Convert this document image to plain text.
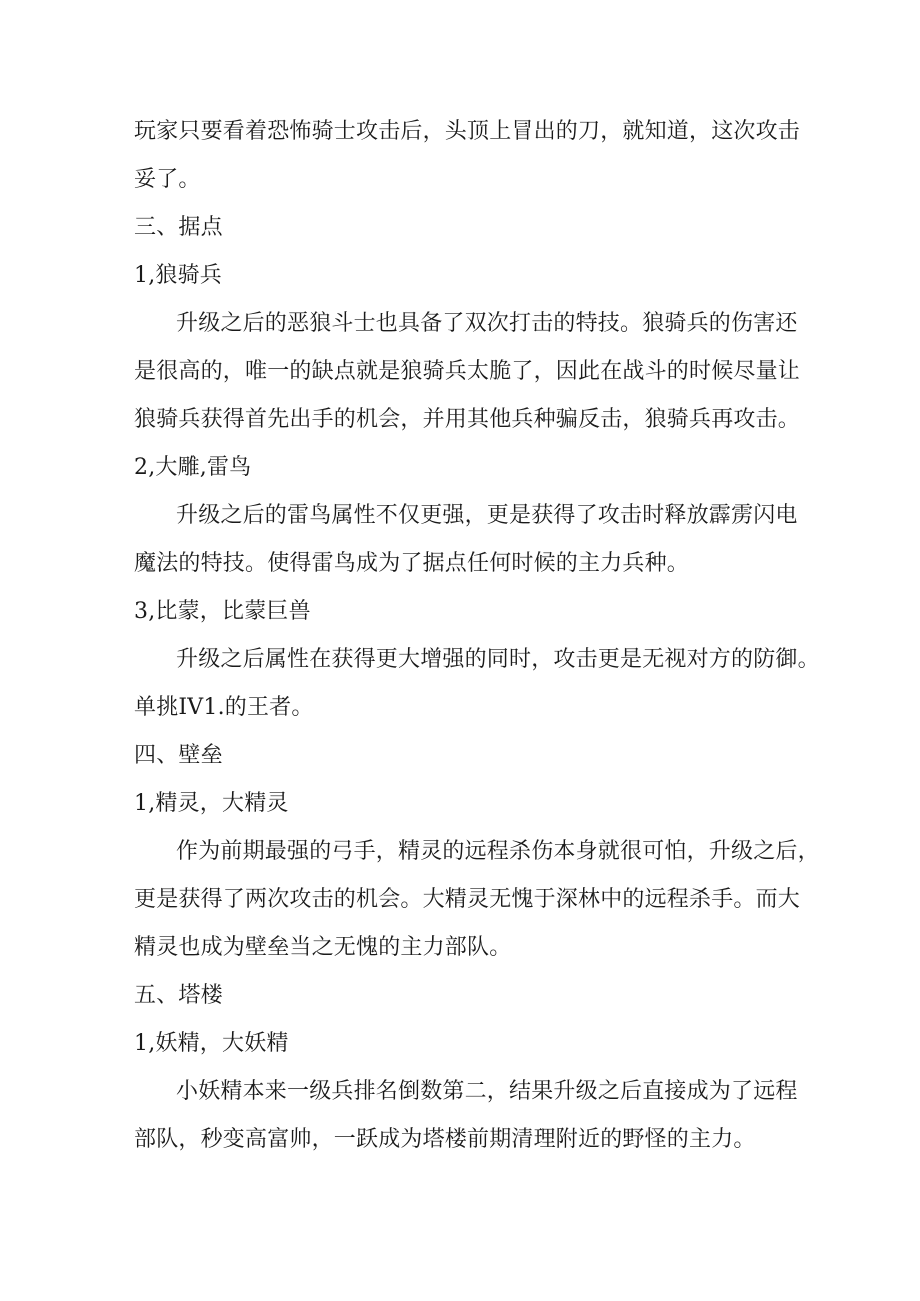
玩家只要看着恐怖骑士攻击后，头顶上冒出的刀，就知道，这次攻击
妥了。
三、据点
1,狼骑兵
升级之后的恶狼斗士也具备了双次打击的特技。狼骑兵的伤害还
是很高的，唯一的缺点就是狼骑兵太脆了，因此在战斗的时候尽量让
狼骑兵获得首先出手的机会，并用其他兵种骗反击，狼骑兵再攻击。
2,大雕,雷鸟
升级之后的雷鸟属性不仅更强，更是获得了攻击时释放霹雳闪电
魔法的特技。使得雷鸟成为了据点任何时候的主力兵种。
3,比蒙，比蒙巨兽
升级之后属性在获得更大增强的同时，攻击更是无视对方的防御。
单挑IV1.的王者。
四、壁垒
1,精灵，大精灵
作为前期最强的弓手，精灵的远程杀伤本身就很可怕，升级之后，
更是获得了两次攻击的机会。大精灵无愧于深林中的远程杀手。而大
精灵也成为壁垒当之无愧的主力部队。
五、塔楼
1,妖精，大妖精
小妖精本来一级兵排名倒数第二，结果升级之后直接成为了远程
部队，秒变高富帅，一跃成为塔楼前期清理附近的野怪的主力。
